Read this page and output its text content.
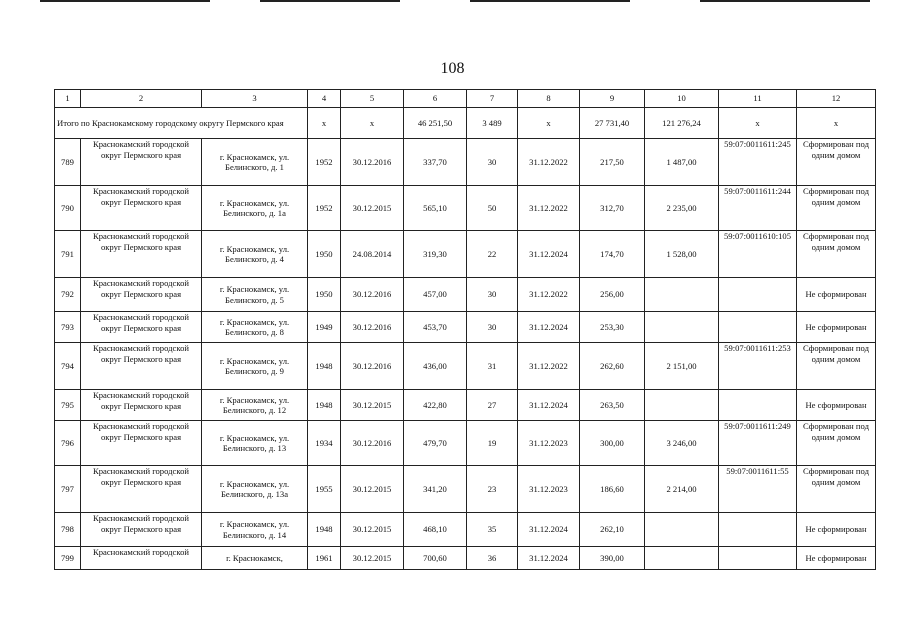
108
1	2	3	4	5	6	7	8	9	10	11	12
Итого по Краснокамскому городскому округу Пермского края			x	x	46 251,50	3 489	x	27 731,40	121 276,24	x	x
789	Краснокамский городской округ Пермского края	г. Краснокамск, ул. Белинского, д. 1	1952	30.12.2016	337,70	30	31.12.2022	217,50	1 487,00	59:07:0011611:245	Сформирован под одним домом
790	Краснокамский городской округ Пермского края	г. Краснокамск, ул. Белинского, д. 1а	1952	30.12.2015	565,10	50	31.12.2022	312,70	2 235,00	59:07:0011611:244	Сформирован под одним домом
791	Краснокамский городской округ Пермского края	г. Краснокамск, ул. Белинского, д. 4	1950	24.08.2014	319,30	22	31.12.2024	174,70	1 528,00	59:07:0011610:105	Сформирован под одним домом
792	Краснокамский городской округ Пермского края	г. Краснокамск, ул. Белинского, д. 5	1950	30.12.2016	457,00	30	31.12.2022	256,00			Не сформирован
793	Краснокамский городской округ Пермского края	г. Краснокамск, ул. Белинского, д. 8	1949	30.12.2016	453,70	30	31.12.2024	253,30			Не сформирован
794	Краснокамский городской округ Пермского края	г. Краснокамск, ул. Белинского, д. 9	1948	30.12.2016	436,00	31	31.12.2022	262,60	2 151,00	59:07:0011611:253	Сформирован под одним домом
795	Краснокамский городской округ Пермского края	г. Краснокамск, ул. Белинского, д. 12	1948	30.12.2015	422,80	27	31.12.2024	263,50			Не сформирован
796	Краснокамский городской округ Пермского края	г. Краснокамск, ул. Белинского, д. 13	1934	30.12.2016	479,70	19	31.12.2023	300,00	3 246,00	59:07:0011611:249	Сформирован под одним домом
797	Краснокамский городской округ Пермского края	г. Краснокамск, ул. Белинского, д. 13а	1955	30.12.2015	341,20	23	31.12.2023	186,60	2 214,00	59:07:0011611:55	Сформирован под одним домом
798	Краснокамский городской округ Пермского края	г. Краснокамск, ул. Белинского, д. 14	1948	30.12.2015	468,10	35	31.12.2024	262,10			Не сформирован
799	Краснокамский городской	г. Краснокамск,	1961	30.12.2015	700,60	36	31.12.2024	390,00			Не сформирован
